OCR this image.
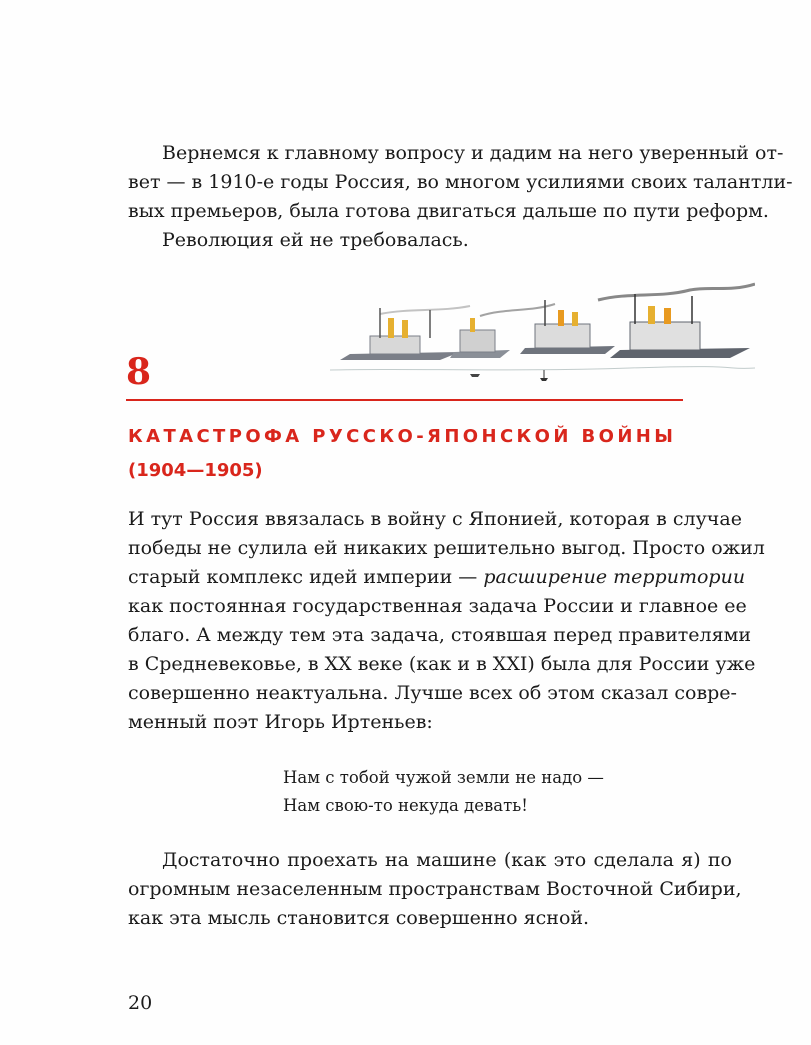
Вернемся к главному вопросу и дадим на него уверенный от-
вет — в 1910-е годы Россия, во многом усилиями своих талантли-
вых премьеров, была готова двигаться дальше по пути реформ.
Революция ей не требовалась.
8
КАТАСТРОФА РУССКО-ЯПОНСКОЙ ВОЙНЫ
(1904—1905)
И тут Россия ввязалась в войну с Японией, которая в случае
победы не сулила ей никаких решительно выгод. Просто ожил
старый комплекс идей империи — расширение территории
как постоянная государственная задача России и главное ее
благо. А между тем эта задача, стоявшая перед правителями
в Средневековье, в XX веке (как и в XXI) была для России уже
совершенно неактуальна. Лучше всех об этом сказал совре-
менный поэт Игорь Иртеньев:
Нам с тобой чужой земли не надо —
Нам свою-то некуда девать!
Достаточно проехать на машине (как это сделала я) по
огромным незаселенным пространствам Восточной Сибири,
как эта мысль становится совершенно ясной.
20
